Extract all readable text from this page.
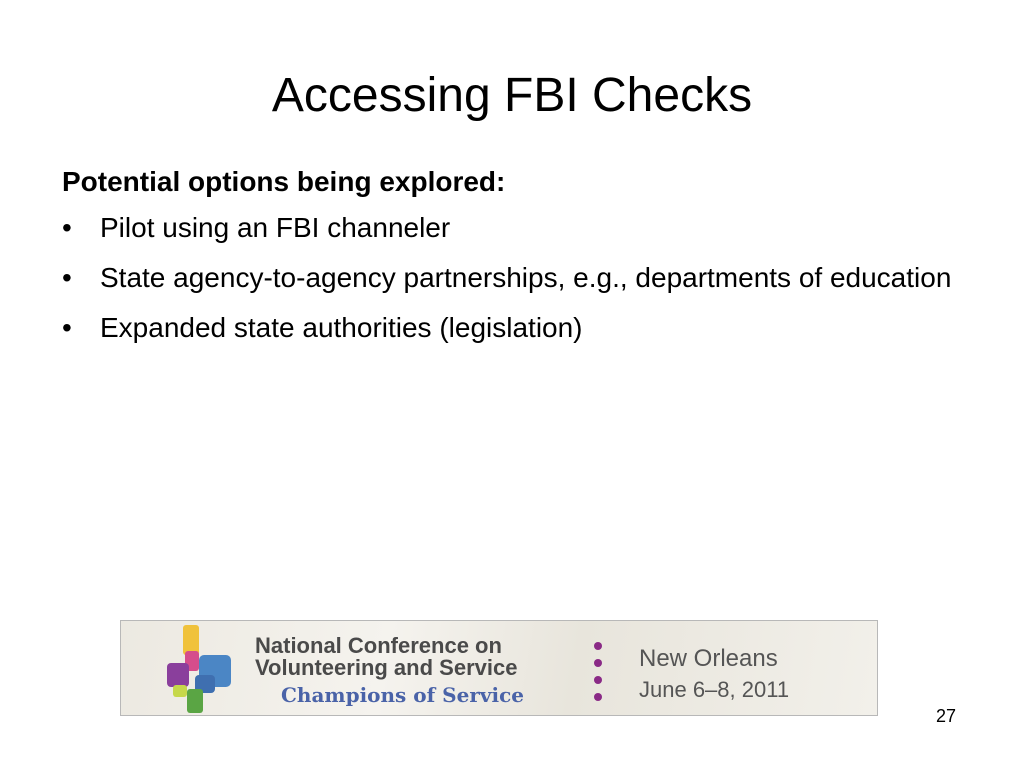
Accessing FBI Checks
Potential options being explored:
• Pilot using an FBI channeler
• State agency-to-agency partnerships, e.g., departments of education
• Expanded state authorities (legislation)
National Conference on
Volunteering and Service
Champions of Service
New Orleans
June 6–8, 2011
27
